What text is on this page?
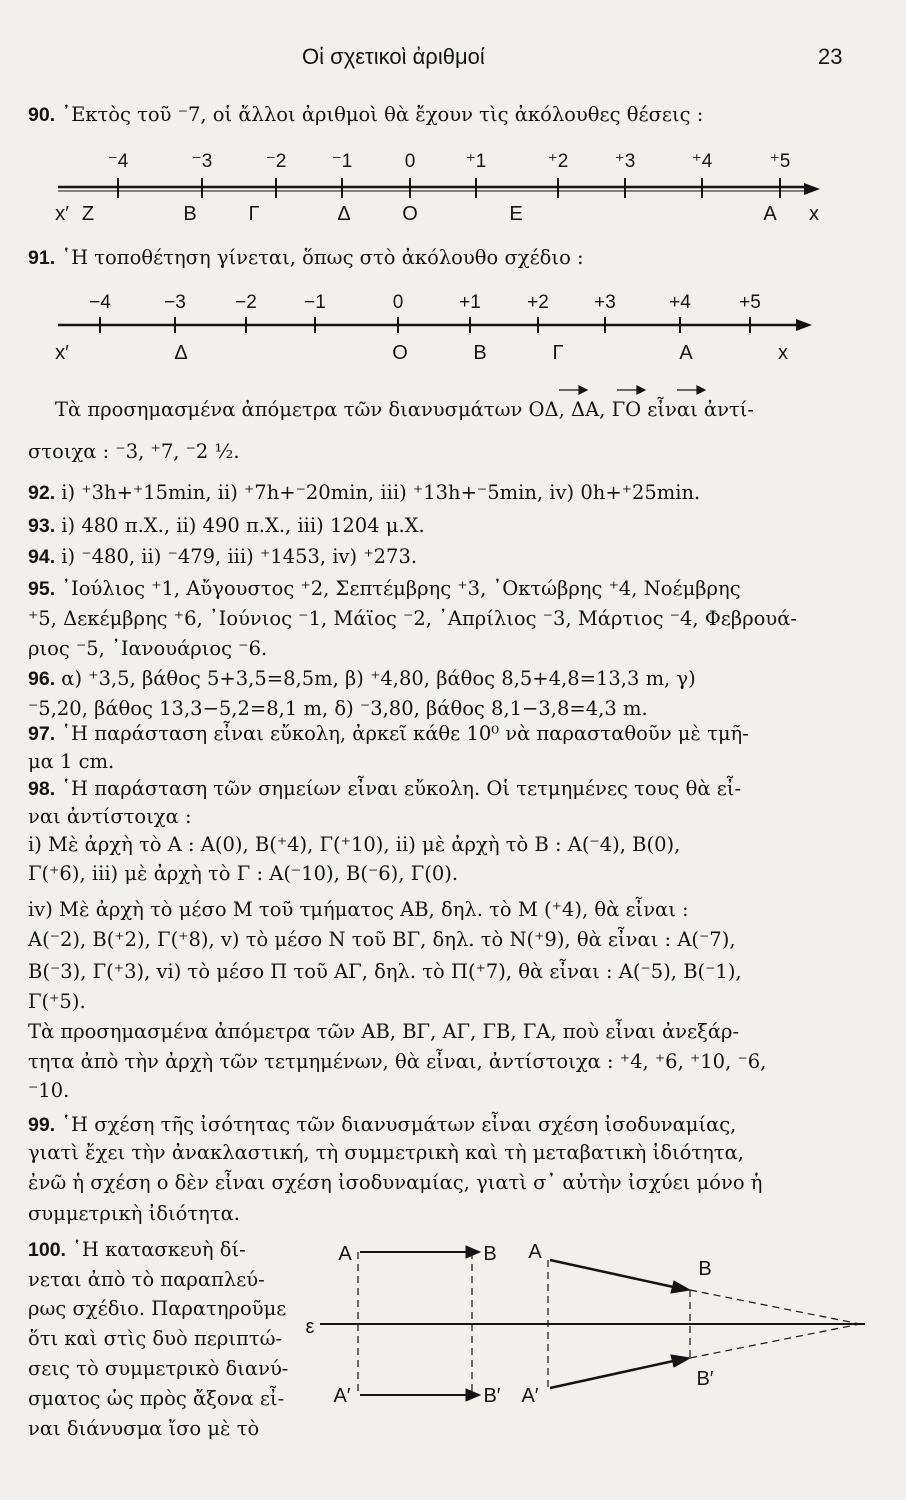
Οἱ σχετικοὶ ἀριθμοί	23
90. ᾿Εκτὸς τοῦ ⁻7, οἱ ἄλλοι ἀριθμοὶ θὰ ἔχουν τὶς ἀκόλουθες θέσεις :
⁻4	⁻3	⁻2 ⁻1	0	⁺1	⁺2 ⁺3	⁺4	⁺5
x′ Z	B	Γ	Δ	O	E	A x
91. ῾Η τοποθέτηση γίνεται, ὅπως στὸ ἀκόλουθο σχέδιο :
−4	−3	−2 −1	0	+1 +2 +3	+4	+5
x′	Δ	O	B	Γ	A	x
Τὰ προσημασμένα ἀπόμετρα τῶν διανυσμάτων OΔ, ΔA, ΓO εἶναι ἀντί-
στοιχα : ⁻3, ⁺7, ⁻2 ½.
92. i) ⁺3h+⁺15min, ii) ⁺7h+⁻20min, iii) ⁺13h+⁻5min, iv) 0h+⁺25min.
93. i) 480 π.X., ii) 490 π.X., iii) 1204 μ.X.
94. i) ⁻480, ii) ⁻479, iii) ⁺1453, iv) ⁺273.
95. ᾿Ιούλιος ⁺1, Αὔγουστος ⁺2, Σεπτέμβρης ⁺3, ᾿Οκτώβρης ⁺4, Νοέμβρης
⁺5, Δεκέμβρης ⁺6, ᾿Ιούνιος ⁻1, Μάϊος ⁻2, ᾿Απρίλιος ⁻3, Μάρτιος ⁻4, Φεβρουά-
ριος ⁻5, ᾿Ιανουάριος ⁻6.
96. α) ⁺3,5, βάθος 5+3,5=8,5m, β) ⁺4,80, βάθος 8,5+4,8=13,3 m, γ)
⁻5,20, βάθος 13,3−5,2=8,1 m, δ) ⁻3,80, βάθος 8,1−3,8=4,3 m.
97. ῾Η παράσταση εἶναι εὔκολη, ἀρκεῖ κάθε 10⁰ νὰ παρασταθοῦν μὲ τμῆ-
μα 1 cm.
98. ῾Η παράσταση τῶν σημείων εἶναι εὔκολη. Οἱ τετμημένες τους θὰ εἶ-
ναι ἀντίστοιχα :
i) Μὲ ἀρχὴ τὸ A : A(0), B(⁺4), Γ(⁺10), ii) μὲ ἀρχὴ τὸ B : A(⁻4), B(0),
Γ(⁺6), iii) μὲ ἀρχὴ τὸ Γ : A(⁻10), B(⁻6), Γ(0).
iv) Μὲ ἀρχὴ τὸ μέσο M τοῦ τμήματος AB, δηλ. τὸ M (⁺4), θὰ εἶναι :
A(⁻2), B(⁺2), Γ(⁺8), v) τὸ μέσο N τοῦ BΓ, δηλ. τὸ N(⁺9), θὰ εἶναι : A(⁻7),
B(⁻3), Γ(⁺3), vi) τὸ μέσο Π τοῦ AΓ, δηλ. τὸ Π(⁺7), θὰ εἶναι : A(⁻5), B(⁻1),
Γ(⁺5).
Τὰ προσημασμένα ἀπόμετρα τῶν AB, BΓ, AΓ, ΓB, ΓA, ποὺ εἶναι ἀνεξάρ-
τητα ἀπὸ τὴν ἀρχὴ τῶν τετμημένων, θὰ εἶναι, ἀντίστοιχα : ⁺4, ⁺6, ⁺10, ⁻6,
⁻10.
99. ῾Η σχέση τῆς ἰσότητας τῶν διανυσμάτων εἶναι σχέση ἰσοδυναμίας,
γιατὶ ἔχει τὴν ἀνακλαστική, τὴ συμμετρικὴ καὶ τὴ μεταβατικὴ ἰδιότητα,
ἐνῶ ἡ σχέση ο δὲν εἶναι σχέση ἰσοδυναμίας, γιατὶ σ᾿ αὐτὴν ἰσχύει μόνο ἡ
συμμετρικὴ ἰδιότητα.
100. ῾Η κατασκευὴ δί-
νεται ἀπὸ τὸ παραπλεύ-
ρως σχέδιο. Παρατηροῦμε
ὅτι καὶ στὶς δυὸ περιπτώ-
σεις τὸ συμμετρικὸ διανύ-
σματος ὡς πρὸς ἄξονα εἶ-
ναι διάνυσμα ἴσο μὲ τὸ
A	B A
B
ε
A′	B′ A′
B′
